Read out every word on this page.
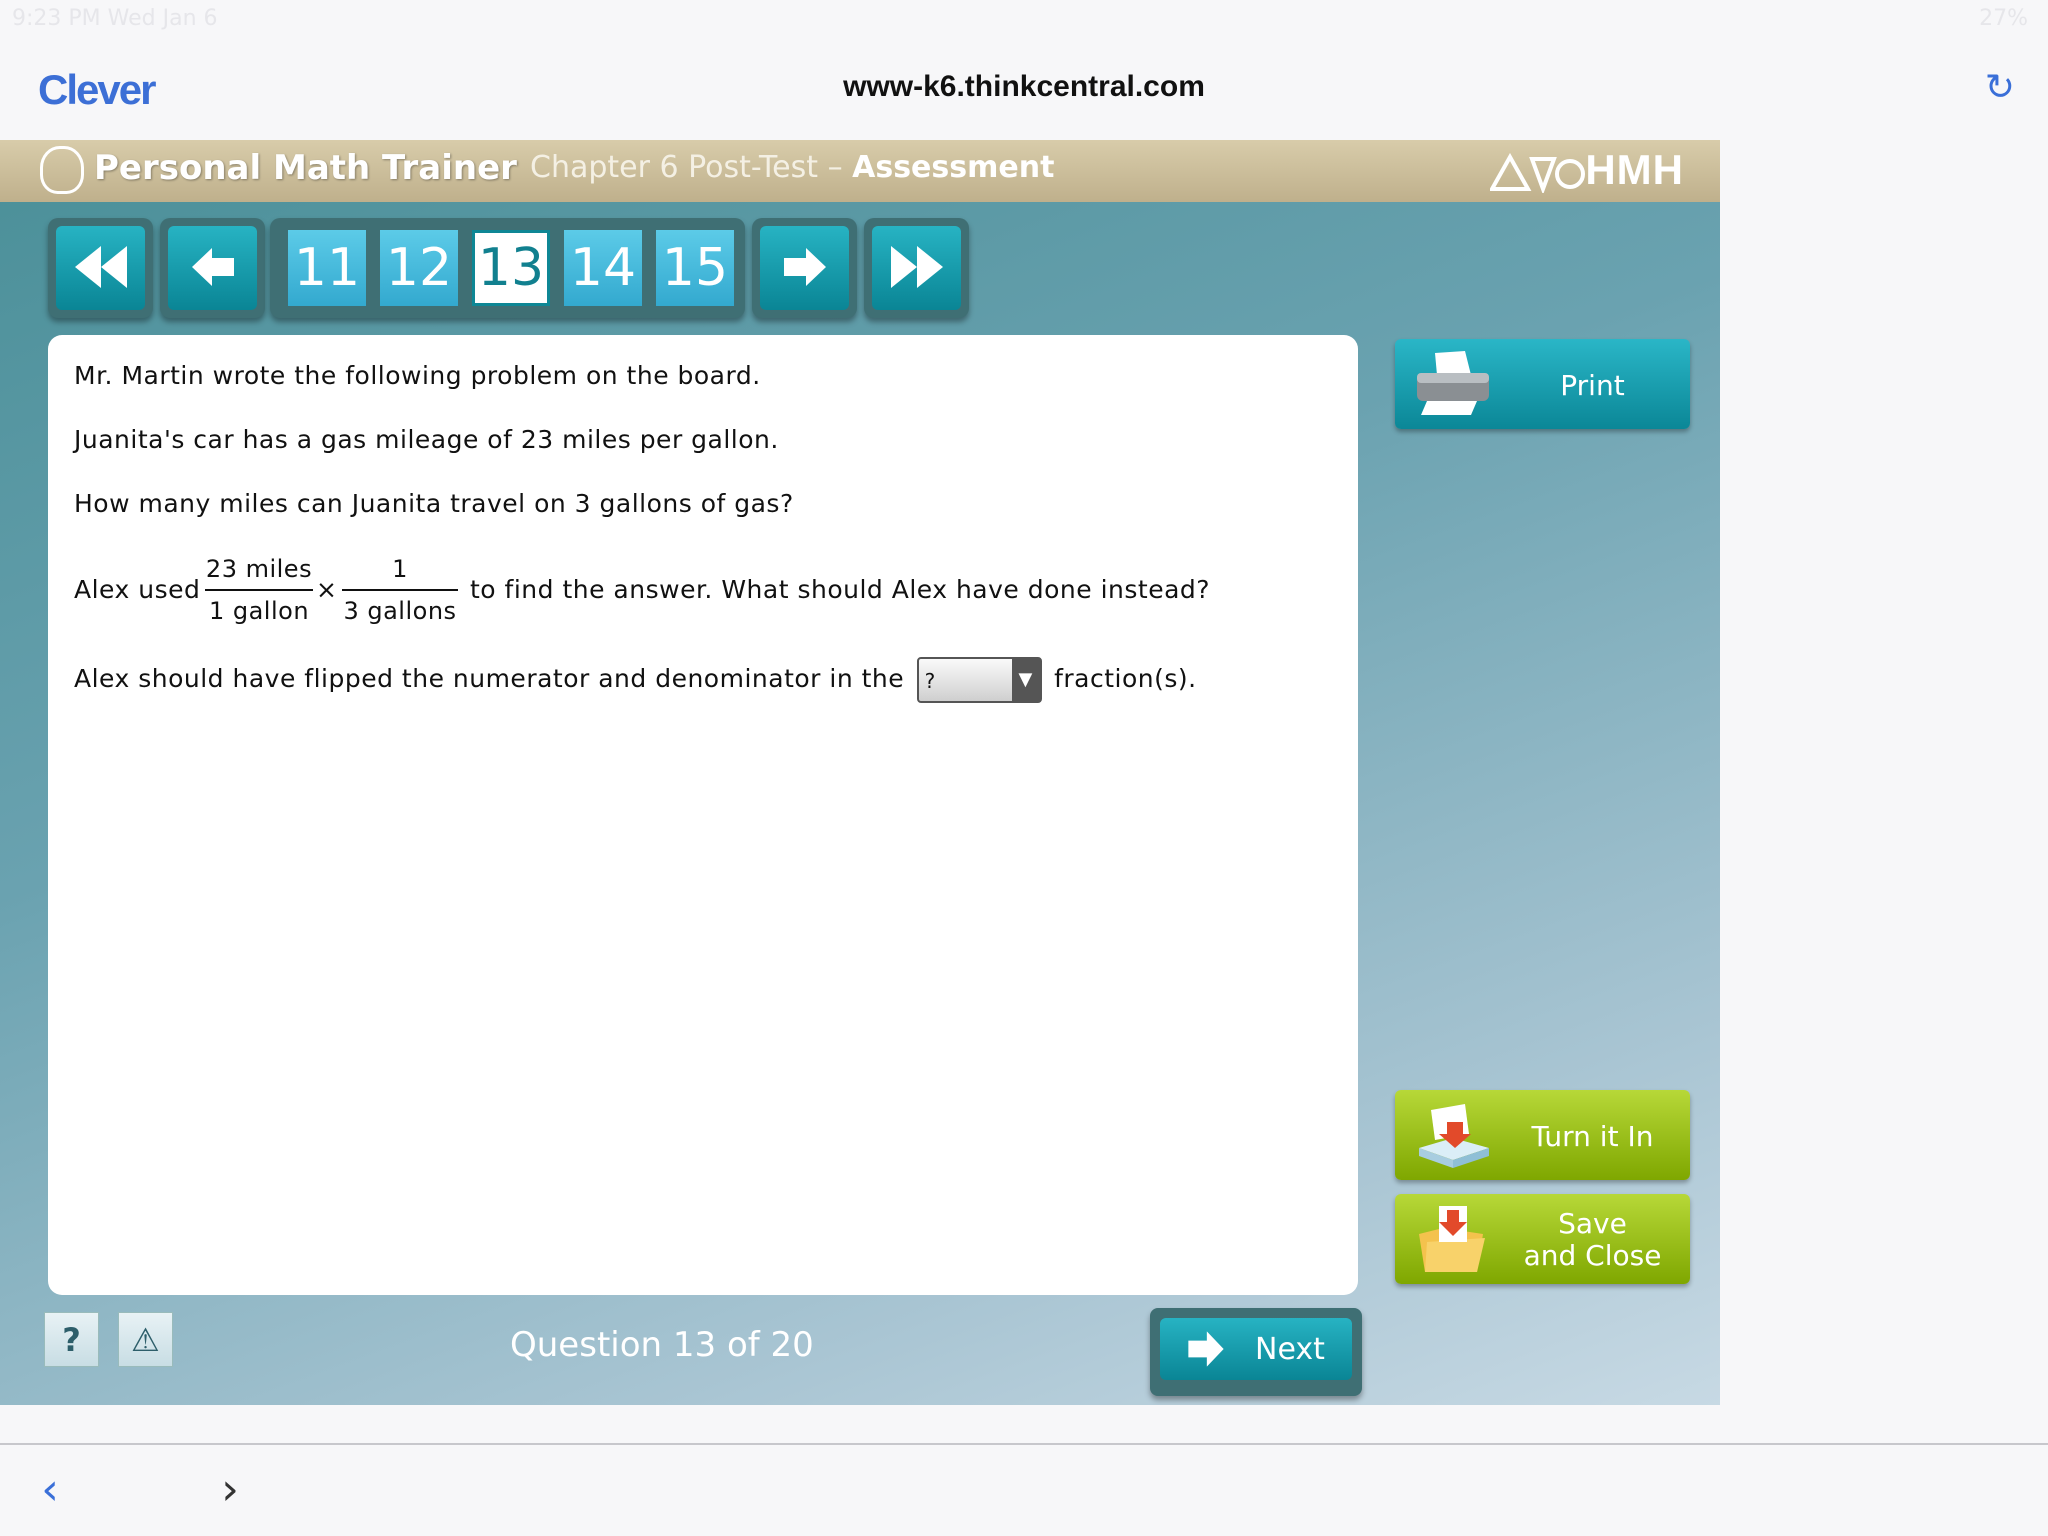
9:23 PM Wed Jan 6	27%
Clever	www-k6.thinkcentral.com	↻
Personal Math Trainer Chapter 6 Post-Test – Assessment	HMH
11 12 13 14 15
Mr. Martin wrote the following problem on the board.
Juanita's car has a gas mileage of 23 miles per gallon.
How many miles can Juanita travel on 3 gallons of gas?
Alex used
23 miles
1 gallon
×
1
3 gallons
to find the answer. What should Alex have done instead?
Alex should have flipped the numerator and denominator in the ?	▼ fraction(s).
Print
Turn it In
Save
and Close
?	⚠	Question 13 of 20	Next
‹	›
